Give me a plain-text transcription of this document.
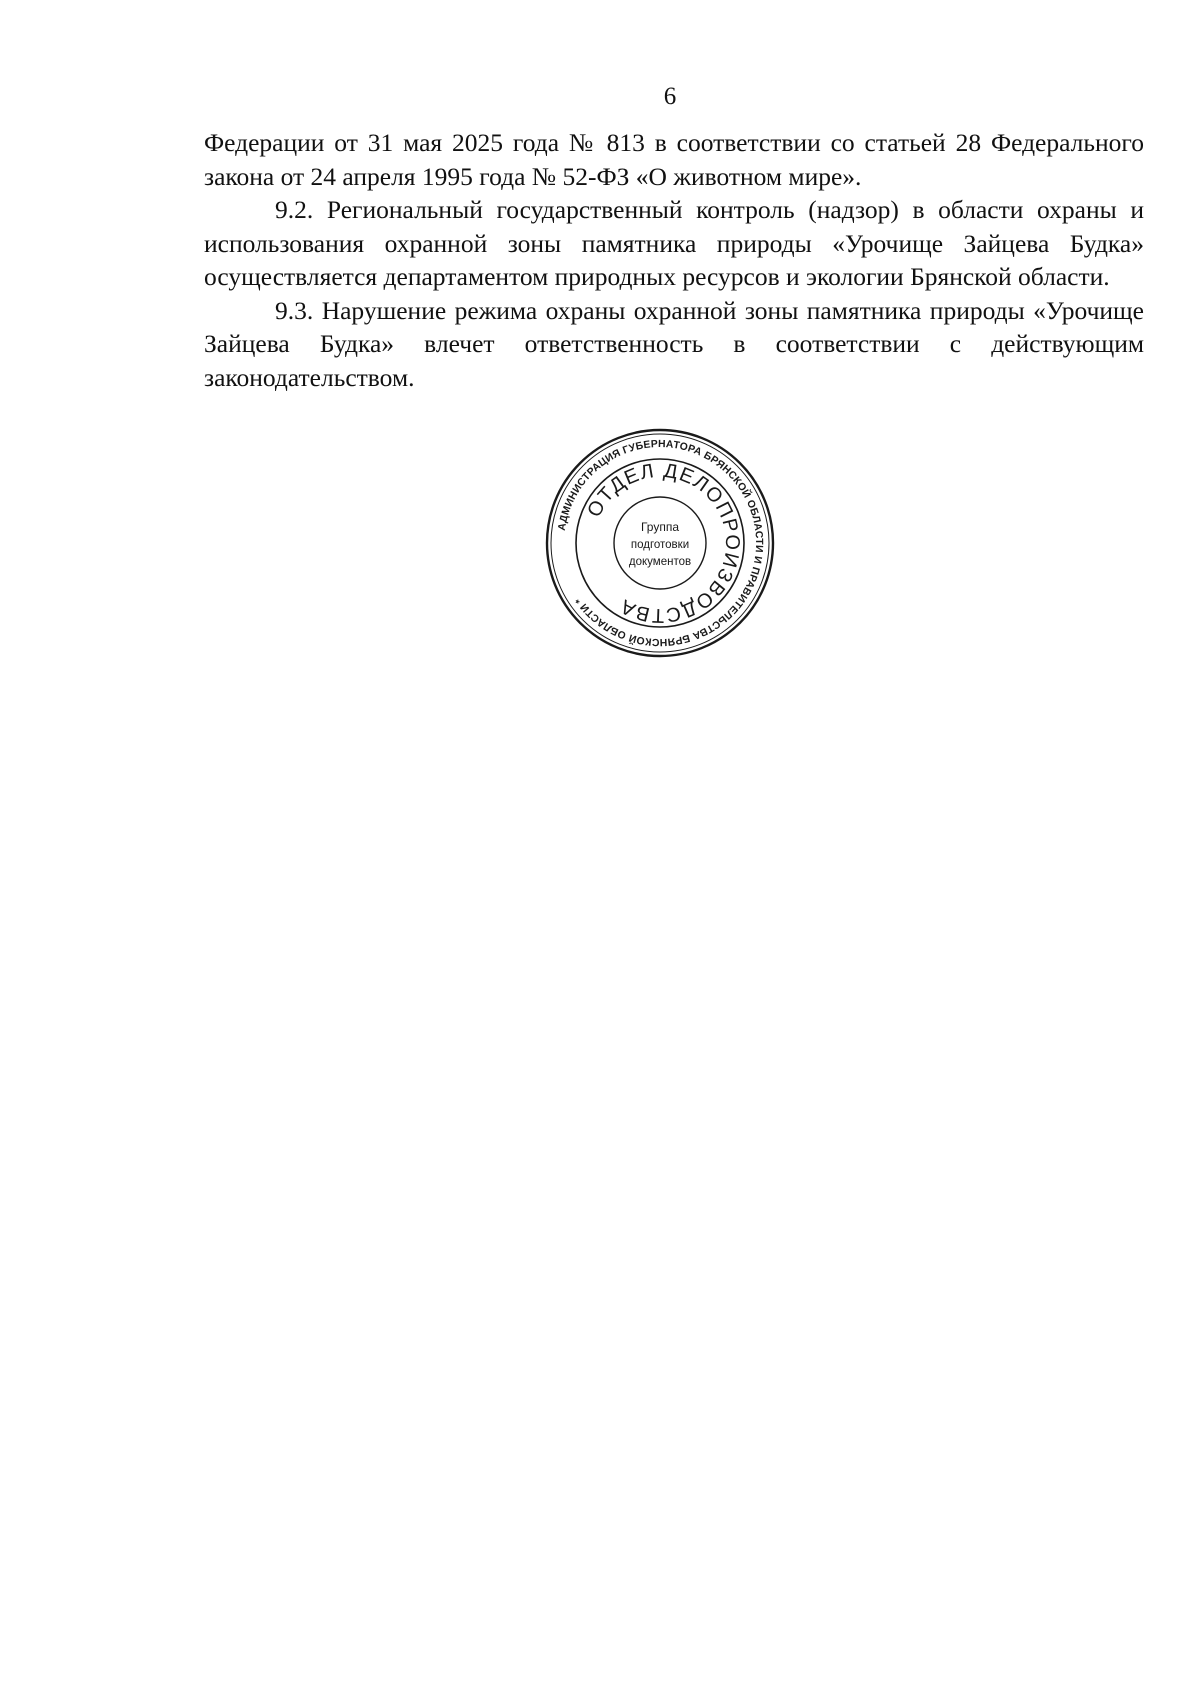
6

Федерации от 31 мая 2025 года № 813 в соответствии со статьей 28 Федерального закона от 24 апреля 1995 года № 52-ФЗ «О животном мире».

9.2. Региональный государственный контроль (надзор) в области охраны и использования охранной зоны памятника природы «Урочище Зайцева Будка» осуществляется департаментом природных ресурсов и экологии Брянской области.

9.3. Нарушение режима охраны охранной зоны памятника природы «Урочище Зайцева Будка» влечет ответственность в соответствии с действующим законодательством.

АДМИНИСТРАЦИЯ ГУБЕРНАТОРА БРЯНСКОЙ ОБЛАСТИ И ПРАВИТЕЛЬСТВА БРЯНСКОЙ ОБЛАСТИ *
ОТДЕЛ ДЕЛОПРОИЗВОДСТВА
Группа
подготовки
документов
